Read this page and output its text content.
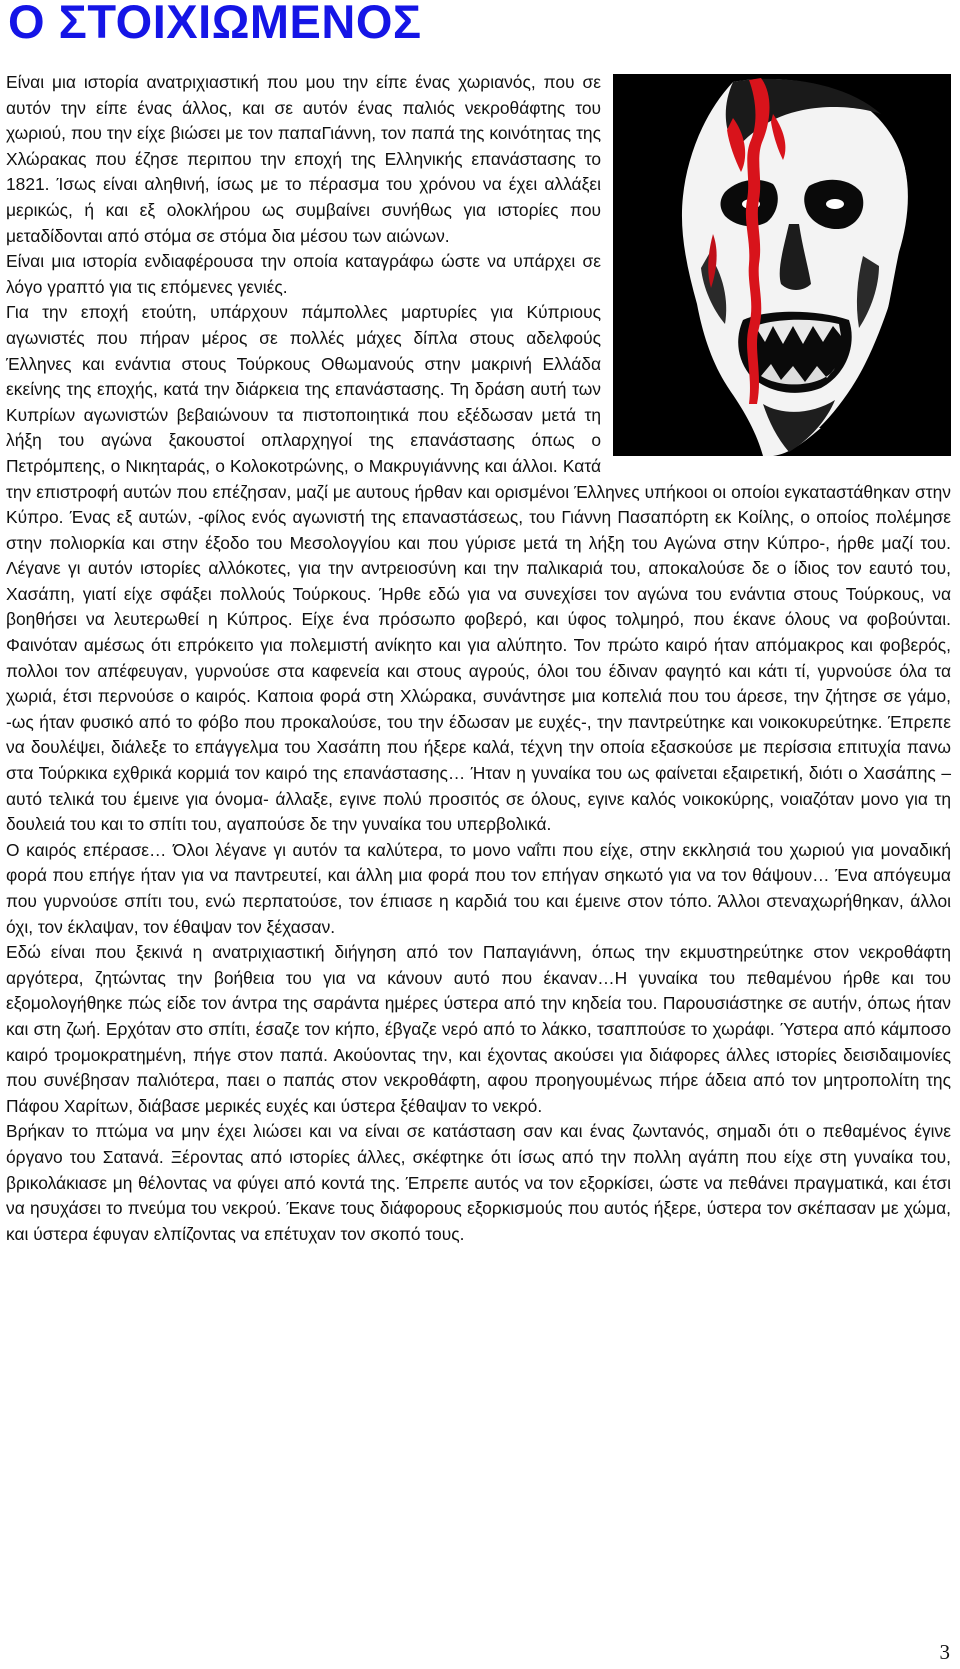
Ο ΣΤΟΙΧΙΩΜΕΝΟΣ

Είναι μια ιστορία ανατριχιαστική που μου την είπε ένας χωριανός, που σε αυτόν την είπε ένας άλλος, και σε αυτόν ένας παλιός νεκροθάφτης του χωριού, που την είχε βιώσει με τον παπαΓιάννη, τον παπά της κοινότητας της Χλώρακας που έζησε περιπου την εποχή της Ελληνικής επανάστασης το 1821. Ίσως είναι αληθινή, ίσως με το πέρασμα του χρόνου να έχει αλλάξει μερικώς, ή και εξ ολοκλήρου ως συμβαίνει συνήθως για ιστορίες που μεταδίδονται από στόμα σε στόμα δια μέσου των αιώνων.

Είναι μια ιστορία ενδιαφέρουσα την οποία καταγράφω ώστε να υπάρχει σε λόγο γραπτό για τις επόμενες γενιές.

Για την εποχή ετούτη, υπάρχουν πάμπολλες μαρτυρίες για Κύπριους αγωνιστές που πήραν μέρος σε πολλές μάχες δίπλα στους αδελφούς Έλληνες και ενάντια στους Τούρκους Οθωμανούς στην μακρινή Ελλάδα εκείνης της εποχής, κατά την διάρκεια της επανάστασης. Τη δράση αυτή των Κυπρίων αγωνιστών βεβαιώνουν τα πιστοποιητικά που εξέδωσαν μετά τη λήξη του αγώνα ξακουστοί οπλαρχηγοί της επανάστασης όπως ο Πετρόμπεης, ο Νικηταράς, ο Κολοκοτρώνης, ο Μακρυγιάννης και άλλοι. Κατά την επιστροφή αυτών που επέζησαν, μαζί με αυτους ήρθαν και ορισμένοι Έλληνες υπήκοοι οι οποίοι εγκαταστάθηκαν στην Κύπρο. Ένας εξ αυτών, -φίλος ενός αγωνιστή της επαναστάσεως, του Γιάννη Πασαπόρτη εκ Κοίλης, ο οποίος πολέμησε στην πολιορκία και στην έξοδο του Μεσολογγίου και που γύρισε μετά τη λήξη του Αγώνα στην Κύπρο-, ήρθε μαζί του. Λέγανε γι αυτόν ιστορίες αλλόκοτες, για την αντρειοσύνη και την παλικαριά του, αποκαλούσε δε ο ίδιος τον εαυτό του, Χασάπη, γιατί είχε σφάξει πολλούς Τούρκους. Ήρθε εδώ για να συνεχίσει τον αγώνα του ενάντια στους Τούρκους, να βοηθήσει να λευτερωθεί η Κύπρος. Είχε ένα πρόσωπο φοβερό, και ύφος τολμηρό, που έκανε όλους να φοβούνται. Φαινόταν αμέσως ότι επρόκειτο για πολεμιστή ανίκητο και για αλύπητο. Τον πρώτο καιρό ήταν απόμακρος και φοβερός, πολλοι τον απέφευγαν, γυρνούσε στα καφενεία και στους αγρούς, όλοι του έδιναν φαγητό και κάτι τί, γυρνούσε όλα τα χωριά, έτσι περνούσε ο καιρός. Καποια φορά στη Χλώρακα, συνάντησε μια κοπελιά που του άρεσε, την ζήτησε σε γάμο, -ως ήταν φυσικό από το φόβο που προκαλούσε, του την έδωσαν με ευχές-, την παντρεύτηκε και νοικοκυρεύτηκε. Έπρεπε να δουλέψει, διάλεξε το επάγγελμα του Χασάπη που ήξερε καλά, τέχνη την οποία εξασκούσε με περίσσια επιτυχία πανω στα Τούρκικα εχθρικά κορμιά τον καιρό της επανάστασης… Ήταν η γυναίκα του ως φαίνεται εξαιρετική, διότι ο Χασάπης –αυτό τελικά του έμεινε για όνομα- άλλαξε, εγινε πολύ προσιτός σε όλους, εγινε καλός νοικοκύρης, νοιαζόταν μονο για τη δουλειά του και το σπίτι του, αγαπούσε δε την γυναίκα του υπερβολικά.

Ο καιρός επέρασε… Όλοι λέγανε γι αυτόν τα καλύτερα, το μονο ναΐπι που είχε, στην εκκλησιά του χωριού για μοναδική φορά που επήγε ήταν για να παντρευτεί, και άλλη μια φορά που τον επήγαν σηκωτό για να τον θάψουν… Ένα απόγευμα που γυρνούσε σπίτι του, ενώ περπατούσε, τον έπιασε η καρδιά του και έμεινε στον τόπο. Άλλοι στεναχωρήθηκαν, άλλοι όχι, τον έκλαψαν, τον έθαψαν τον ξέχασαν.

Εδώ είναι που ξεκινά η ανατριχιαστική διήγηση από τον Παπαγιάννη, όπως την εκμυστηρεύτηκε στον νεκροθάφτη αργότερα, ζητώντας την βοήθεια του για να κάνουν αυτό που έκαναν…Η γυναίκα του πεθαμένου ήρθε και του εξομολογήθηκε πώς είδε τον άντρα της σαράντα ημέρες ύστερα από την κηδεία του. Παρουσιάστηκε σε αυτήν, όπως ήταν και στη ζωή. Ερχόταν στο σπίτι, έσαζε τον κήπο, έβγαζε νερό από το λάκκο, τσαππούσε το χωράφι. Ύστερα από κάμποσο καιρό τρομοκρατημένη, πήγε στον παπά. Ακούοντας την, και έχοντας ακούσει για διάφορες άλλες ιστορίες δεισιδαιμονίες που συνέβησαν παλιότερα, παει ο παπάς στον νεκροθάφτη, αφου προηγουμένως πήρε άδεια από τον μητροπολίτη της Πάφου Χαρίτων, διάβασε μερικές ευχές και ύστερα ξέθαψαν το νεκρό.

Βρήκαν το πτώμα να μην έχει λιώσει και να είναι σε κατάσταση σαν και ένας ζωντανός, σημαδι ότι ο πεθαμένος έγινε όργανο του Σατανά. Ξέροντας από ιστορίες άλλες, σκέφτηκε ότι ίσως από την πολλη αγάπη που είχε στη γυναίκα του, βρικολάκιασε μη θέλοντας να φύγει από κοντά της. Έπρεπε αυτός να τον εξορκίσει, ώστε να πεθάνει πραγματικά, και έτσι να ησυχάσει το πνεύμα του νεκρού. Έκανε τους διάφορους εξορκισμούς που αυτός ήξερε, ύστερα τον σκέπασαν με χώμα, και ύστερα έφυγαν ελπίζοντας να επέτυχαν τον σκοπό τους.

3
